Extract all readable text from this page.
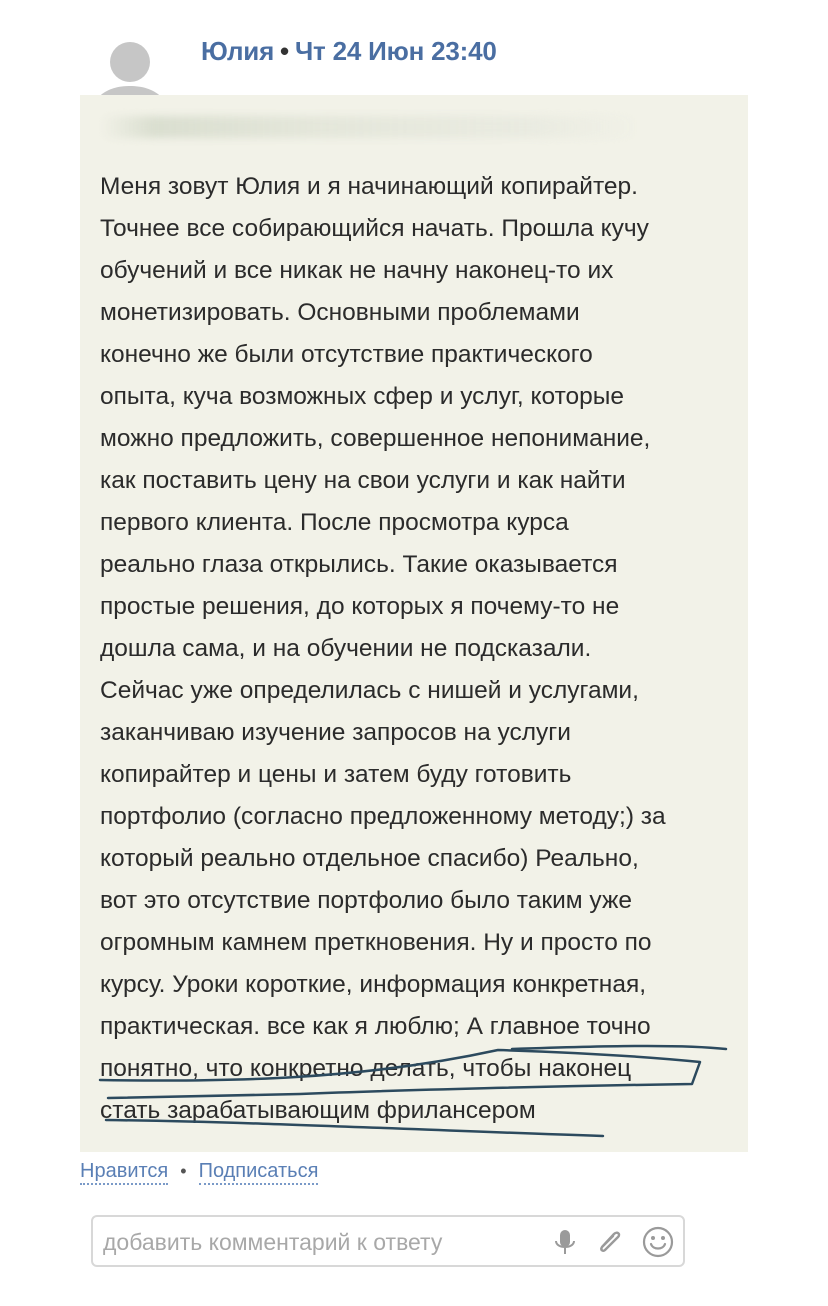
Юлия • Чт 24 Июн 23:40

Меня зовут Юлия и я начинающий копирайтер.
Точнее все собирающийся начать. Прошла кучу
обучений и все никак не начну наконец-то их
монетизировать. Основными проблемами
конечно же были отсутствие практического
опыта, куча возможных сфер и услуг, которые
можно предложить, совершенное непонимание,
как поставить цену на свои услуги и как найти
первого клиента. После просмотра курса
реально глаза открылись. Такие оказывается
простые решения, до которых я почему-то не
дошла сама, и на обучении не подсказали.
Сейчас уже определилась с нишей и услугами,
заканчиваю изучение запросов на услуги
копирайтер и цены и затем буду готовить
портфолио (согласно предложенному методу;) за
который реально отдельное спасибо) Реально,
вот это отсутствие портфолио было таким уже
огромным камнем преткновения. Ну и просто по
курсу. Уроки короткие, информация конкретная,
практическая. все как я люблю; А главное точно
понятно, что конкретно делать, чтобы наконец
стать зарабатывающим фрилансером

Нравится • Подписаться
добавить комментарий к ответу
